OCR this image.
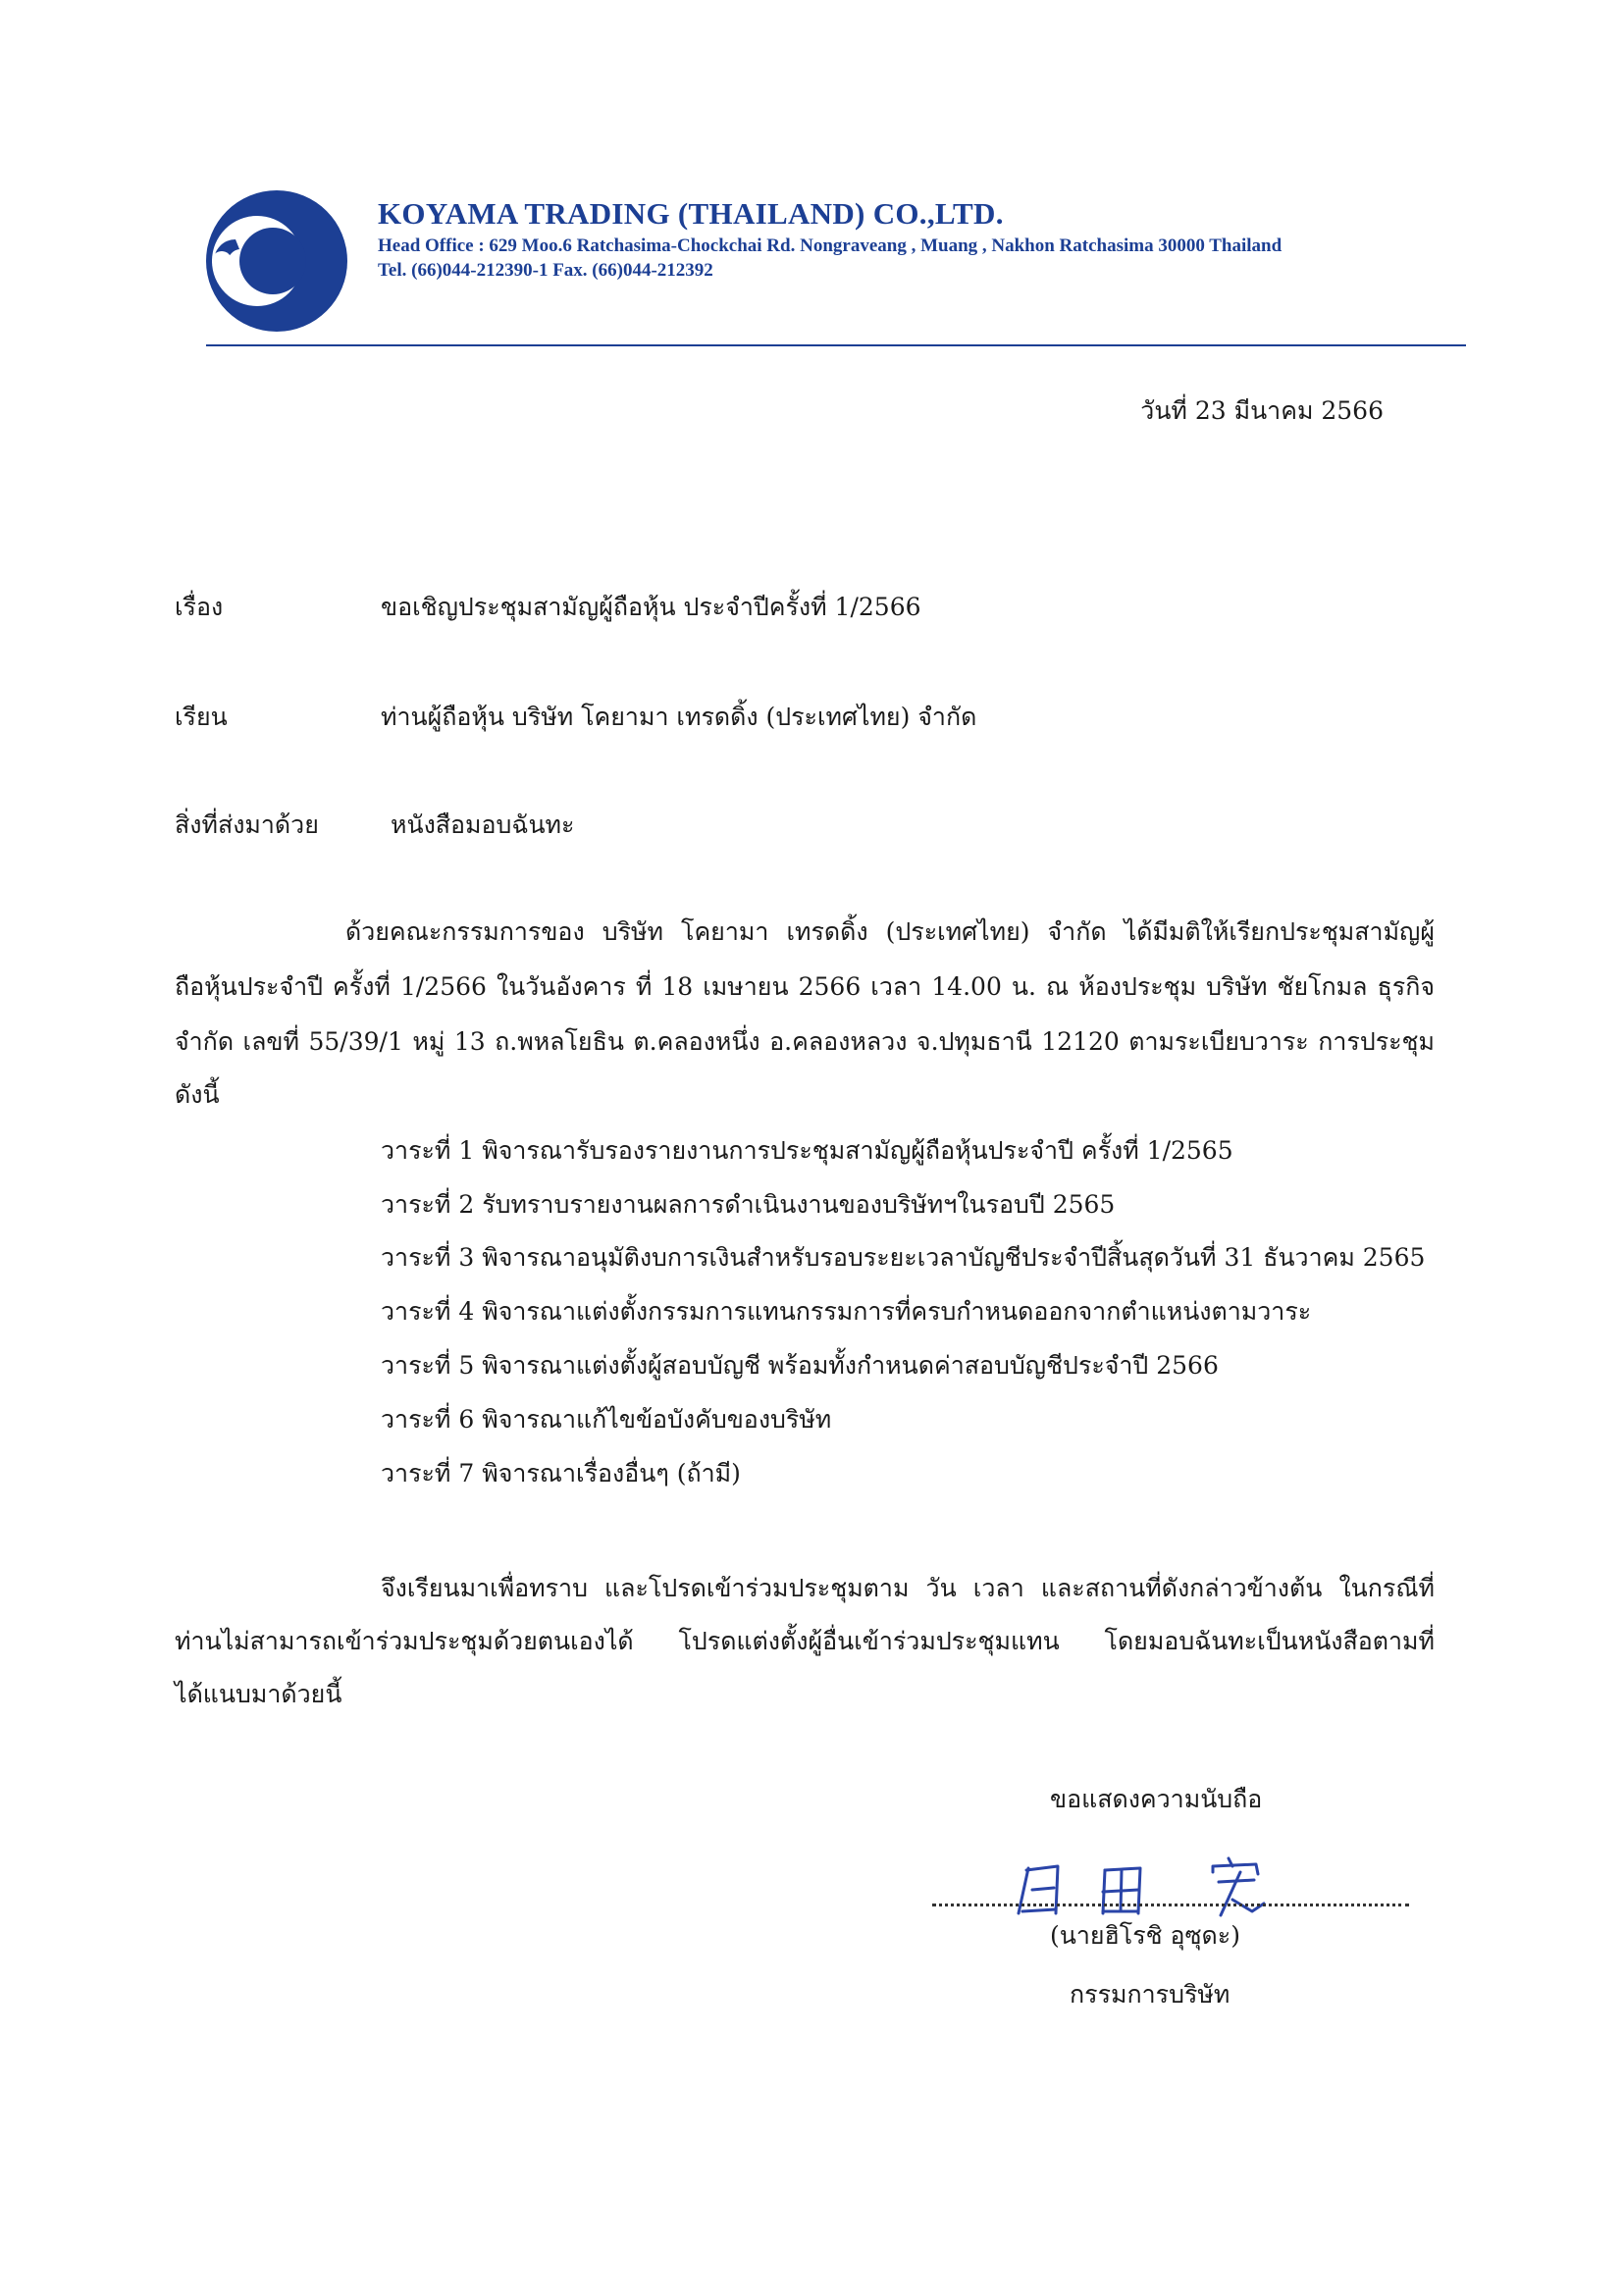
KOYAMA TRADING (THAILAND) CO.,LTD.
Head Office : 629 Moo.6 Ratchasima-Chockchai Rd. Nongraveang , Muang , Nakhon Ratchasima 30000 Thailand
Tel. (66)044-212390-1 Fax. (66)044-212392
วันที่ 23 มีนาคม 2566
เรื่อง	ขอเชิญประชุมสามัญผู้ถือหุ้น ประจำปีครั้งที่ 1/2566
เรียน	ท่านผู้ถือหุ้น บริษัท โคยามา เทรดดิ้ง (ประเทศไทย) จำกัด
สิ่งที่ส่งมาด้วย	หนังสือมอบฉันทะ
ด้วยคณะกรรมการของ บริษัท โคยามา เทรดดิ้ง (ประเทศไทย) จำกัด ได้มีมติให้เรียกประชุมสามัญผู้
ถือหุ้นประจำปี ครั้งที่ 1/2566 ในวันอังคาร ที่ 18 เมษายน 2566 เวลา 14.00 น. ณ ห้องประชุม บริษัท ชัยโกมล ธุรกิจ
จำกัด เลขที่ 55/39/1 หมู่ 13 ถ.พหลโยธิน ต.คลองหนึ่ง อ.คลองหลวง จ.ปทุมธานี 12120 ตามระเบียบวาระ การประชุม
ดังนี้
วาระที่ 1 พิจารณารับรองรายงานการประชุมสามัญผู้ถือหุ้นประจำปี ครั้งที่ 1/2565
วาระที่ 2 รับทราบรายงานผลการดำเนินงานของบริษัทฯในรอบปี 2565
วาระที่ 3 พิจารณาอนุมัติงบการเงินสำหรับรอบระยะเวลาบัญชีประจำปีสิ้นสุดวันที่ 31 ธันวาคม 2565
วาระที่ 4 พิจารณาแต่งตั้งกรรมการแทนกรรมการที่ครบกำหนดออกจากตำแหน่งตามวาระ
วาระที่ 5 พิจารณาแต่งตั้งผู้สอบบัญชี พร้อมทั้งกำหนดค่าสอบบัญชีประจำปี 2566
วาระที่ 6 พิจารณาแก้ไขข้อบังคับของบริษัท
วาระที่ 7 พิจารณาเรื่องอื่นๆ (ถ้ามี)
จึงเรียนมาเพื่อทราบ และโปรดเข้าร่วมประชุมตาม วัน เวลา และสถานที่ดังกล่าวข้างต้น ในกรณีที่
ท่านไม่สามารถเข้าร่วมประชุมด้วยตนเองได้ โปรดแต่งตั้งผู้อื่นเข้าร่วมประชุมแทน โดยมอบฉันทะเป็นหนังสือตามที่
ได้แนบมาด้วยนี้
ขอแสดงความนับถือ
(นายฮิโรชิ อุซุดะ)
กรรมการบริษัท
